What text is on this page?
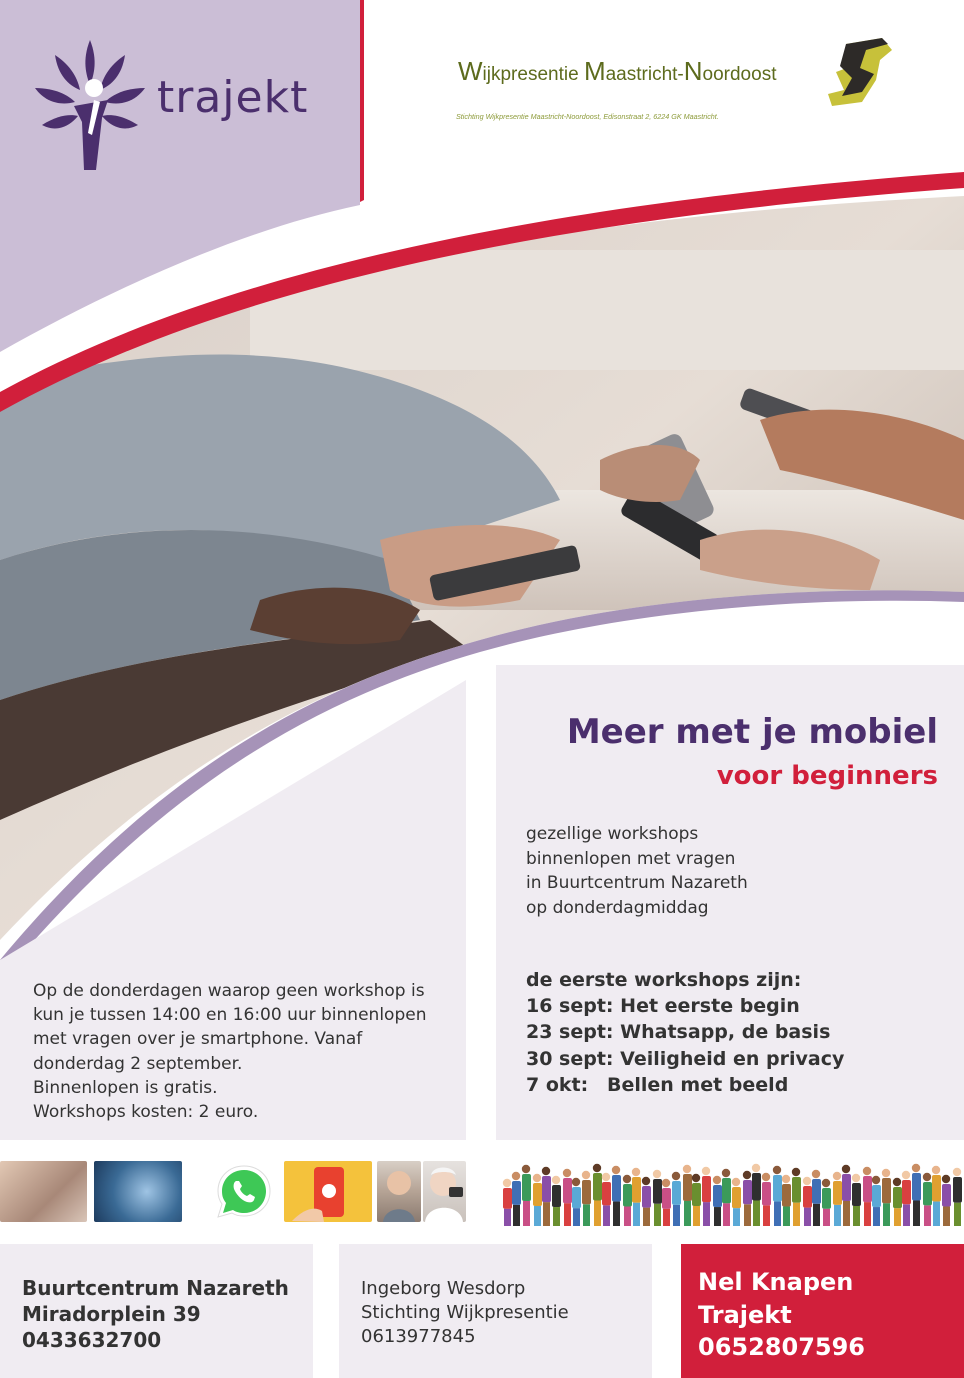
trajekt
Wijkpresentie Maastricht-Noordoost
Stichting Wijkpresentie Maastricht-Noordoost, Edisonstraat 2, 6224 GK Maastricht.
Meer met je mobiel
voor beginners
gezellige workshops
binnenlopen met vragen
in Buurtcentrum Nazareth
op donderdagmiddag
de eerste workshops zijn:
16 sept: Het eerste begin
23 sept: Whatsapp, de basis
30 sept: Veiligheid en privacy
7 okt: Bellen met beeld
Op de donderdagen waarop geen workshop is
kun je tussen 14:00 en 16:00 uur binnenlopen
met vragen over je smartphone. Vanaf
donderdag 2 september.
Binnenlopen is gratis.
Workshops kosten: 2 euro.
Buurtcentrum Nazareth
Miradorplein 39
0433632700
Ingeborg Wesdorp
Stichting Wijkpresentie
0613977845
Nel Knapen
Trajekt
0652807596
